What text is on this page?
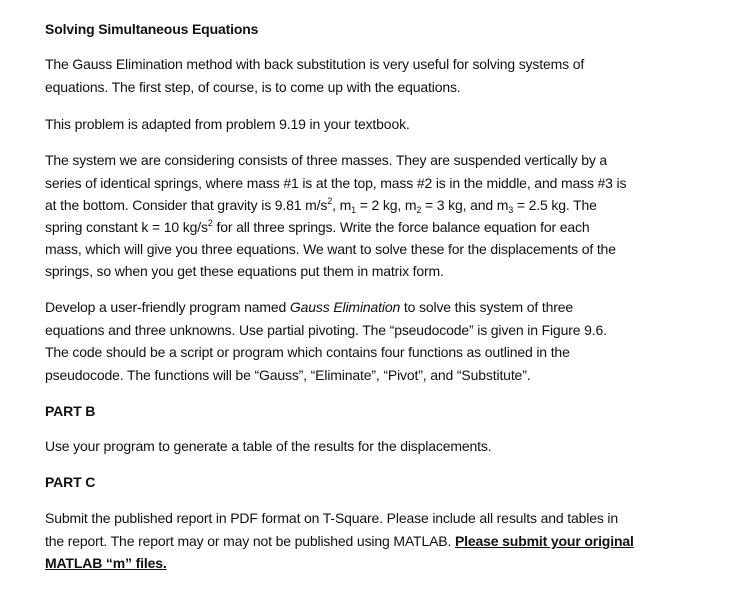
Solving Simultaneous Equations
The Gauss Elimination method with back substitution is very useful for solving systems of
equations. The first step, of course, is to come up with the equations.
This problem is adapted from problem 9.19 in your textbook.
The system we are considering consists of three masses. They are suspended vertically by a
series of identical springs, where mass #1 is at the top, mass #2 is in the middle, and mass #3 is
at the bottom. Consider that gravity is 9.81 $m/s^2$, $m_1 = 2$ kg, $m_2 = 3$ kg, and $m_3 = 2.5$ kg. The
spring constant k = 10 $kg/s^2$ for all three springs. Write the force balance equation for each
mass, which will give you three equations. We want to solve these for the displacements of the
springs, so when you get these equations put them in matrix form.
Develop a user-friendly program named Gauss Elimination to solve this system of three
equations and three unknowns. Use partial pivoting. The “pseudocode” is given in Figure 9.6.
The code should be a script or program which contains four functions as outlined in the
pseudocode. The functions will be “Gauss”, “Eliminate”, “Pivot”, and “Substitute”.
PART B
Use your program to generate a table of the results for the displacements.
PART C
Submit the published report in PDF format on T-Square. Please include all results and tables in
the report. The report may or may not be published using MATLAB. Please submit your original
MATLAB “m” files.
